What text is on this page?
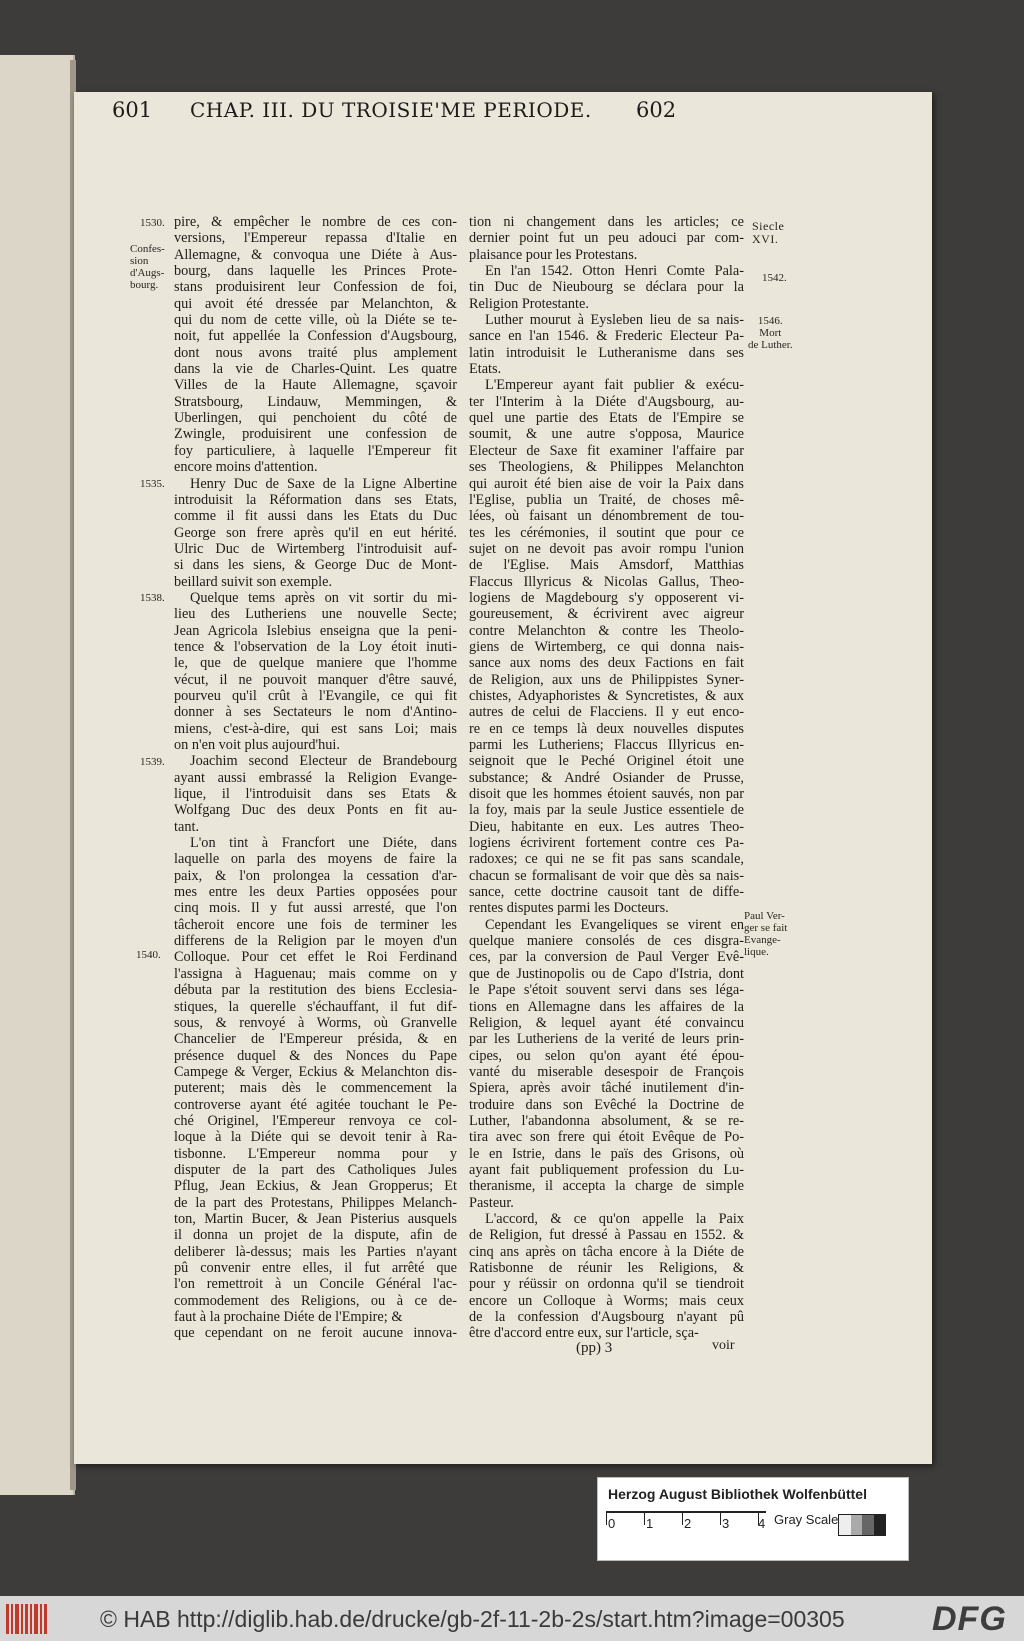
601 CHAP. III. DU TROISIE'ME PERIODE. 602
pire, & empêcher le nombre de ces con-
versions, l'Empereur repassa d'Italie en
Allemagne, & convoqua une Diéte à Aus-
bourg, dans laquelle les Princes Prote-
stans produisirent leur Confession de foi,
qui avoit été dressée par Melanchton, &
qui du nom de cette ville, où la Diéte se te-
noit, fut appellée la Confession d'Augsbourg,
dont nous avons traité plus amplement
dans la vie de Charles-Quint. Les quatre
Villes de la Haute Allemagne, sçavoir
Stratsbourg, Lindauw, Memmingen, &
Uberlingen, qui penchoient du côté de
Zwingle, produisirent une confession de
foy particuliere, à laquelle l'Empereur fit
encore moins d'attention.
Henry Duc de Saxe de la Ligne Albertine
introduisit la Réformation dans ses Etats,
comme il fit aussi dans les Etats du Duc
George son frere après qu'il en eut hérité.
Ulric Duc de Wirtemberg l'introduisit auf-
si dans les siens, & George Duc de Mont-
beillard suivit son exemple.
Quelque tems après on vit sortir du mi-
lieu des Lutheriens une nouvelle Secte;
Jean Agricola Islebius enseigna que la peni-
tence & l'observation de la Loy étoit inuti-
le, que de quelque maniere que l'homme
vécut, il ne pouvoit manquer d'être sauvé,
pourveu qu'il crût à l'Evangile, ce qui fit
donner à ses Sectateurs le nom d'Antino-
miens, c'est-à-dire, qui est sans Loi; mais
on n'en voit plus aujourd'hui.
Joachim second Electeur de Brandebourg
ayant aussi embrassé la Religion Evange-
lique, il l'introduisit dans ses Etats &
Wolfgang Duc des deux Ponts en fit au-
tant.
L'on tint à Francfort une Diéte, dans
laquelle on parla des moyens de faire la
paix, & l'on prolongea la cessation d'ar-
mes entre les deux Parties opposées pour
cinq mois. Il y fut aussi arresté, que l'on
tâcheroit encore une fois de terminer les
differens de la Religion par le moyen d'un
Colloque. Pour cet effet le Roi Ferdinand
l'assigna à Haguenau; mais comme on y
débuta par la restitution des biens Ecclesia-
stiques, la querelle s'échauffant, il fut dif-
sous, & renvoyé à Worms, où Granvelle
Chancelier de l'Empereur présida, & en
présence duquel & des Nonces du Pape
Campege & Verger, Eckius & Melanchton dis-
puterent; mais dès le commencement la
controverse ayant été agitée touchant le Pe-
ché Originel, l'Empereur renvoya ce col-
loque à la Diéte qui se devoit tenir à Ra-
tisbonne. L'Empereur nomma pour y
disputer de la part des Catholiques Jules
Pflug, Jean Eckius, & Jean Gropperus; Et
de la part des Protestans, Philippes Melanch-
ton, Martin Bucer, & Jean Pisterius ausquels
il donna un projet de la dispute, afin de
deliberer là-dessus; mais les Parties n'ayant
pû convenir entre elles, il fut arrêté que
l'on remettroit à un Concile Général l'ac-
commodement des Religions, ou à ce de-
faut à la prochaine Diéte de l'Empire; &
que cependant on ne feroit aucune innova-
tion ni changement dans les articles; ce
dernier point fut un peu adouci par com-
plaisance pour les Protestans.
En l'an 1542. Otton Henri Comte Pala-
tin Duc de Nieubourg se déclara pour la
Religion Protestante.
Luther mourut à Eysleben lieu de sa nais-
sance en l'an 1546. & Frederic Electeur Pa-
latin introduisit le Lutheranisme dans ses
Etats.
L'Empereur ayant fait publier & exécu-
ter l'Interim à la Diéte d'Augsbourg, au-
quel une partie des Etats de l'Empire se
soumit, & une autre s'opposa, Maurice
Electeur de Saxe fit examiner l'affaire par
ses Theologiens, & Philippes Melanchton
qui auroit été bien aise de voir la Paix dans
l'Eglise, publia un Traité, de choses mê-
lées, où faisant un dénombrement de tou-
tes les cérémonies, il soutint que pour ce
sujet on ne devoit pas avoir rompu l'union
de l'Eglise. Mais Amsdorf, Matthias
Flaccus Illyricus & Nicolas Gallus, Theo-
logiens de Magdebourg s'y opposerent vi-
goureusement, & écrivirent avec aigreur
contre Melanchton & contre les Theolo-
giens de Wirtemberg, ce qui donna nais-
sance aux noms des deux Factions en fait
de Religion, aux uns de Philippistes Syner-
chistes, Adyaphoristes & Syncretistes, & aux
autres de celui de Flacciens. Il y eut enco-
re en ce temps là deux nouvelles disputes
parmi les Lutheriens; Flaccus Illyricus en-
seignoit que le Peché Originel étoit une
substance; & André Osiander de Prusse,
disoit que les hommes étoient sauvés, non par
la foy, mais par la seule Justice essentiele de
Dieu, habitante en eux. Les autres Theo-
logiens écrivirent fortement contre ces Pa-
radoxes; ce qui ne se fit pas sans scandale,
chacun se formalisant de voir que dès sa nais-
sance, cette doctrine causoit tant de diffe-
rentes disputes parmi les Docteurs.
Cependant les Evangeliques se virent en
quelque maniere consolés de ces disgra-
ces, par la conversion de Paul Verger Evê-
que de Justinopolis ou de Capo d'Istria, dont
le Pape s'étoit souvent servi dans ses léga-
tions en Allemagne dans les affaires de la
Religion, & lequel ayant été convaincu
par les Lutheriens de la verité de leurs prin-
cipes, ou selon qu'on ayant été épou-
vanté du miserable desespoir de François
Spiera, après avoir tâché inutilement d'in-
troduire dans son Evêché la Doctrine de
Luther, l'abandonna absolument, & se re-
tira avec son frere qui étoit Evêque de Po-
le en Istrie, dans le païs des Grisons, où
ayant fait publiquement profession du Lu-
theranisme, il accepta la charge de simple
Pasteur.
L'accord, & ce qu'on appelle la Paix
de Religion, fut dressé à Passau en 1552. &
cinq ans après on tâcha encore à la Diéte de
Ratisbonne de réunir les Religions, &
pour y réüssir on ordonna qu'il se tiendroit
encore un Colloque à Worms; mais ceux
de la confession d'Augsbourg n'ayant pû
être d'accord entre eux, sur l'article, sça-
1530.
Confes-
sion
d'Augs-
bourg.
1535.
1538.
1539.
1540.
Siecle
XVI.
1542.
1546.
Mort
de Luther.
Paul Ver-
ger se fait
Evange-
lique.
(pp) 3	voir
Herzog August Bibliothek Wolfenbüttel
0 1 2 3 4 Gray Scale
© HAB http://diglib.hab.de/drucke/gb-2f-11-2b-2s/start.htm?image=00305	DFG
